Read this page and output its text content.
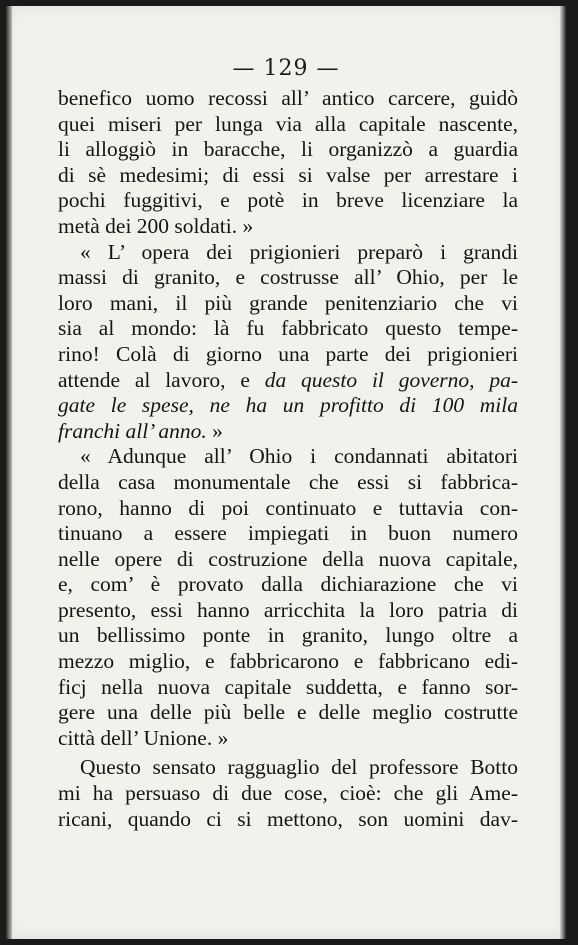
— 129 —
benefico uomo recossi all’ antico carcere, guidò
quei miseri per lunga via alla capitale nascente,
li alloggiò in baracche, li organizzò a guardia
di sè medesimi; di essi si valse per arrestare i
pochi fuggitivi, e potè in breve licenziare la
metà dei 200 soldati. »
« L’ opera dei prigionieri preparò i grandi
massi di granito, e costrusse all’ Ohio, per le
loro mani, il più grande penitenziario che vi
sia al mondo: là fu fabbricato questo tempe-
rino! Colà di giorno una parte dei prigionieri
attende al lavoro, e da questo il governo, pa-
gate le spese, ne ha un profitto di 100 mila
franchi all’ anno. »
« Adunque all’ Ohio i condannati abitatori
della casa monumentale che essi si fabbrica-
rono, hanno di poi continuato e tuttavia con-
tinuano a essere impiegati in buon numero
nelle opere di costruzione della nuova capitale,
e, com’ è provato dalla dichiarazione che vi
presento, essi hanno arricchita la loro patria di
un bellissimo ponte in granito, lungo oltre a
mezzo miglio, e fabbricarono e fabbricano edi-
ficj nella nuova capitale suddetta, e fanno sor-
gere una delle più belle e delle meglio costrutte
città dell’ Unione. »
Questo sensato ragguaglio del professore Botto
mi ha persuaso di due cose, cioè: che gli Ame-
ricani, quando ci si mettono, son uomini dav-
